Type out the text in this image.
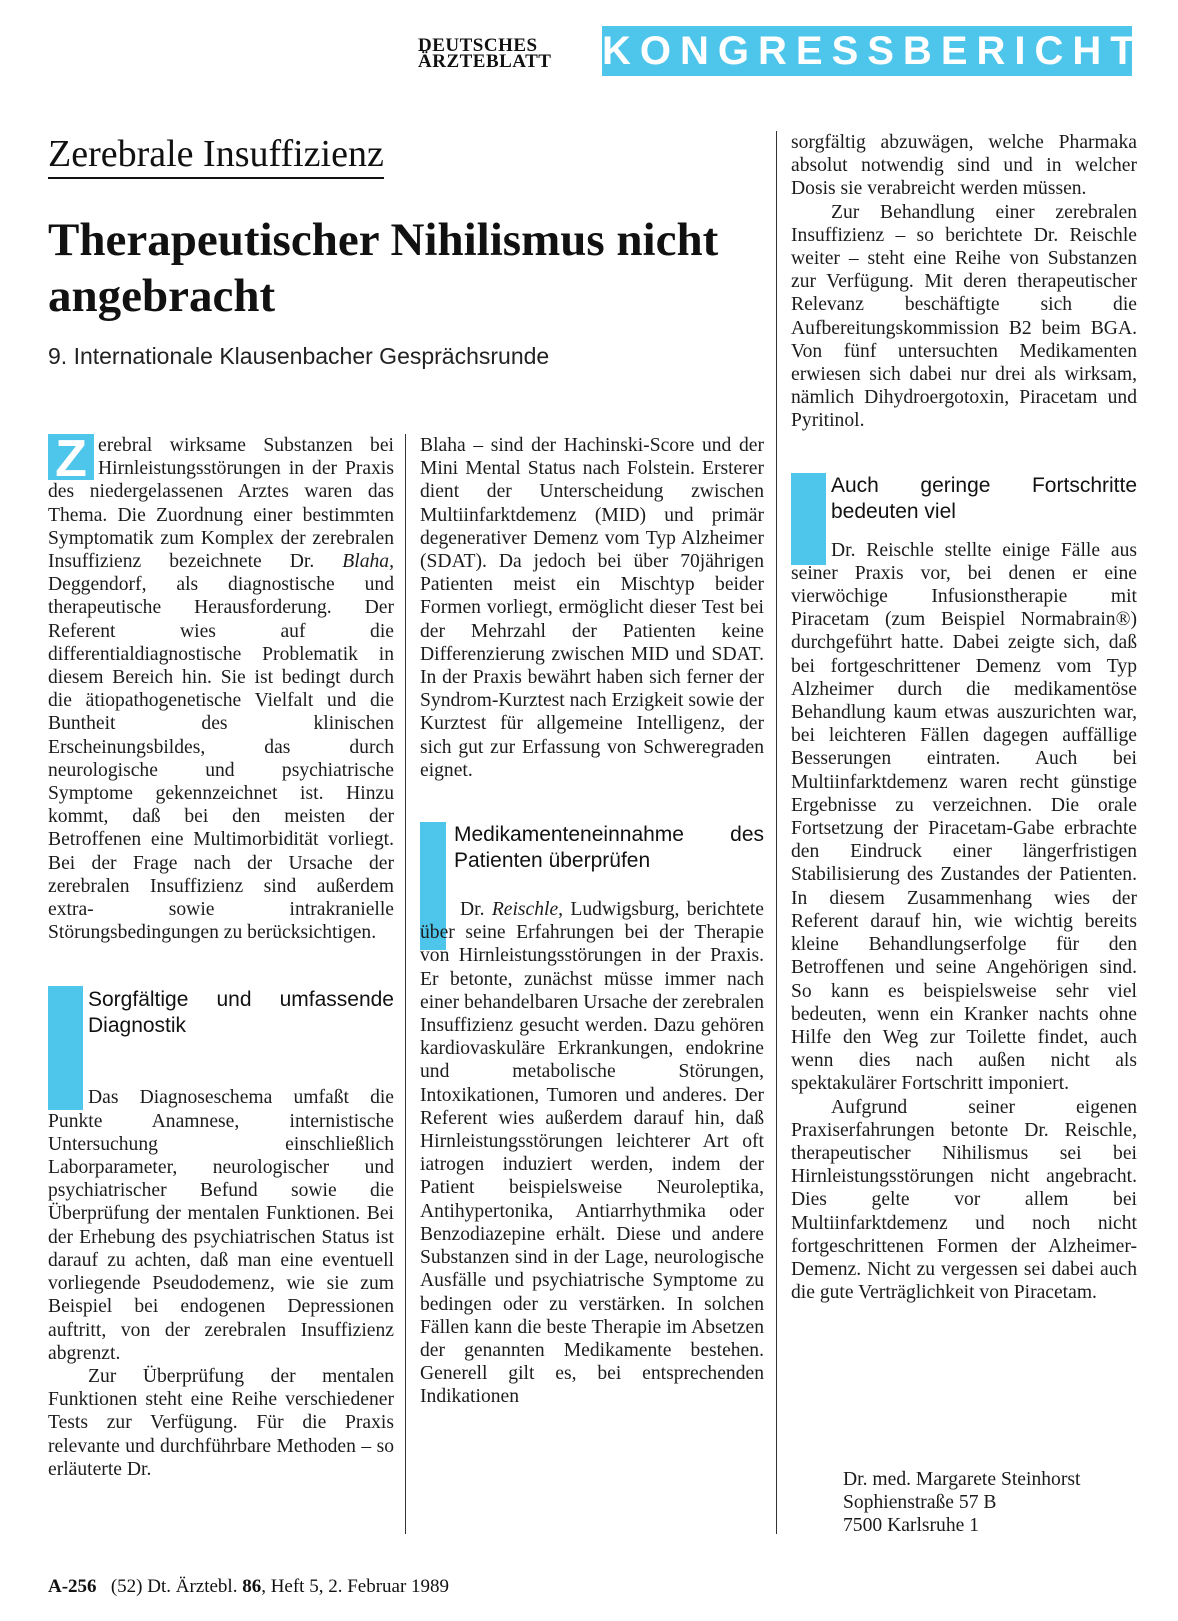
DEUTSCHES
ÄRZTEBLATT	KONGRESSBERICHT
Zerebrale Insuffizienz
Therapeutischer Nihilismus nicht angebracht
9. Internationale Klausenbacher Gesprächsrunde

Z erebral wirksame Substanzen bei Hirnleistungsstörungen in der Praxis des niedergelassenen Arztes waren das Thema. Die Zuordnung einer bestimmten Symptomatik zum Komplex der zerebralen Insuffizienz bezeichnete Dr. Blaha, Deggendorf, als diagnostische und therapeutische Herausforderung. Der Referent wies auf die differentialdiagnostische Problematik in diesem Bereich hin. Sie ist bedingt durch die ätiopathogenetische Vielfalt und die Buntheit des klinischen Erscheinungsbildes, das durch neurologische und psychiatrische Symptome gekennzeichnet ist. Hinzu kommt, daß bei den meisten der Betroffenen eine Multimorbidität vorliegt. Bei der Frage nach der Ursache der zerebralen Insuffizienz sind außerdem extra- sowie intrakranielle Störungsbedingungen zu berücksichtigen.

Sorgfältige und umfassende Diagnostik

Das Diagnoseschema umfaßt die Punkte Anamnese, internistische Untersuchung einschließlich Laborparameter, neurologischer und psychiatrischer Befund sowie die Überprüfung der mentalen Funktionen. Bei der Erhebung des psychiatrischen Status ist darauf zu achten, daß man eine eventuell vorliegende Pseudodemenz, wie sie zum Beispiel bei endogenen Depressionen auftritt, von der zerebralen Insuffizienz abgrenzt.

Zur Überprüfung der mentalen Funktionen steht eine Reihe verschiedener Tests zur Verfügung. Für die Praxis relevante und durchführbare Methoden – so erläuterte Dr.

Blaha – sind der Hachinski-Score und der Mini Mental Status nach Folstein. Ersterer dient der Unterscheidung zwischen Multiinfarktdemenz (MID) und primär degenerativer Demenz vom Typ Alzheimer (SDAT). Da jedoch bei über 70jährigen Patienten meist ein Mischtyp beider Formen vorliegt, ermöglicht dieser Test bei der Mehrzahl der Patienten keine Differenzierung zwischen MID und SDAT. In der Praxis bewährt haben sich ferner der Syndrom-Kurztest nach Erzigkeit sowie der Kurztest für allgemeine Intelligenz, der sich gut zur Erfassung von Schweregraden eignet.

Medikamenteneinnahme des Patienten überprüfen

Dr. Reischle, Ludwigsburg, berichtete über seine Erfahrungen bei der Therapie von Hirnleistungsstörungen in der Praxis. Er betonte, zunächst müsse immer nach einer behandelbaren Ursache der zerebralen Insuffizienz gesucht werden. Dazu gehören kardiovaskuläre Erkrankungen, endokrine und metabolische Störungen, Intoxikationen, Tumoren und anderes. Der Referent wies außerdem darauf hin, daß Hirnleistungsstörungen leichterer Art oft iatrogen induziert werden, indem der Patient beispielsweise Neuroleptika, Antihypertonika, Antiarrhythmika oder Benzodiazepine erhält. Diese und andere Substanzen sind in der Lage, neurologische Ausfälle und psychiatrische Symptome zu bedingen oder zu verstärken. In solchen Fällen kann die beste Therapie im Absetzen der genannten Medikamente bestehen. Generell gilt es, bei entsprechenden Indikationen

sorgfältig abzuwägen, welche Pharmaka absolut notwendig sind und in welcher Dosis sie verabreicht werden müssen.

Zur Behandlung einer zerebralen Insuffizienz – so berichtete Dr. Reischle weiter – steht eine Reihe von Substanzen zur Verfügung. Mit deren therapeutischer Relevanz beschäftigte sich die Aufbereitungskommission B2 beim BGA. Von fünf untersuchten Medikamenten erwiesen sich dabei nur drei als wirksam, nämlich Dihydroergotoxin, Piracetam und Pyritinol.

Auch geringe Fortschritte bedeuten viel

Dr. Reischle stellte einige Fälle aus seiner Praxis vor, bei denen er eine vierwöchige Infusionstherapie mit Piracetam (zum Beispiel Normabrain®) durchgeführt hatte. Dabei zeigte sich, daß bei fortgeschrittener Demenz vom Typ Alzheimer durch die medikamentöse Behandlung kaum etwas auszurichten war, bei leichteren Fällen dagegen auffällige Besserungen eintraten. Auch bei Multiinfarktdemenz waren recht günstige Ergebnisse zu verzeichnen. Die orale Fortsetzung der Piracetam-Gabe erbrachte den Eindruck einer längerfristigen Stabilisierung des Zustandes der Patienten. In diesem Zusammenhang wies der Referent darauf hin, wie wichtig bereits kleine Behandlungserfolge für den Betroffenen und seine Angehörigen sind. So kann es beispielsweise sehr viel bedeuten, wenn ein Kranker nachts ohne Hilfe den Weg zur Toilette findet, auch wenn dies nach außen nicht als spektakulärer Fortschritt imponiert.

Aufgrund seiner eigenen Praxiserfahrungen betonte Dr. Reischle, therapeutischer Nihilismus sei bei Hirnleistungsstörungen nicht angebracht. Dies gelte vor allem bei Multiinfarktdemenz und noch nicht fortgeschrittenen Formen der Alzheimer-Demenz. Nicht zu vergessen sei dabei auch die gute Verträglichkeit von Piracetam.

Dr. med. Margarete Steinhorst
Sophienstraße 57 B
7500 Karlsruhe 1
A-256 (52) Dt. Ärztebl. 86, Heft 5, 2. Februar 1989
